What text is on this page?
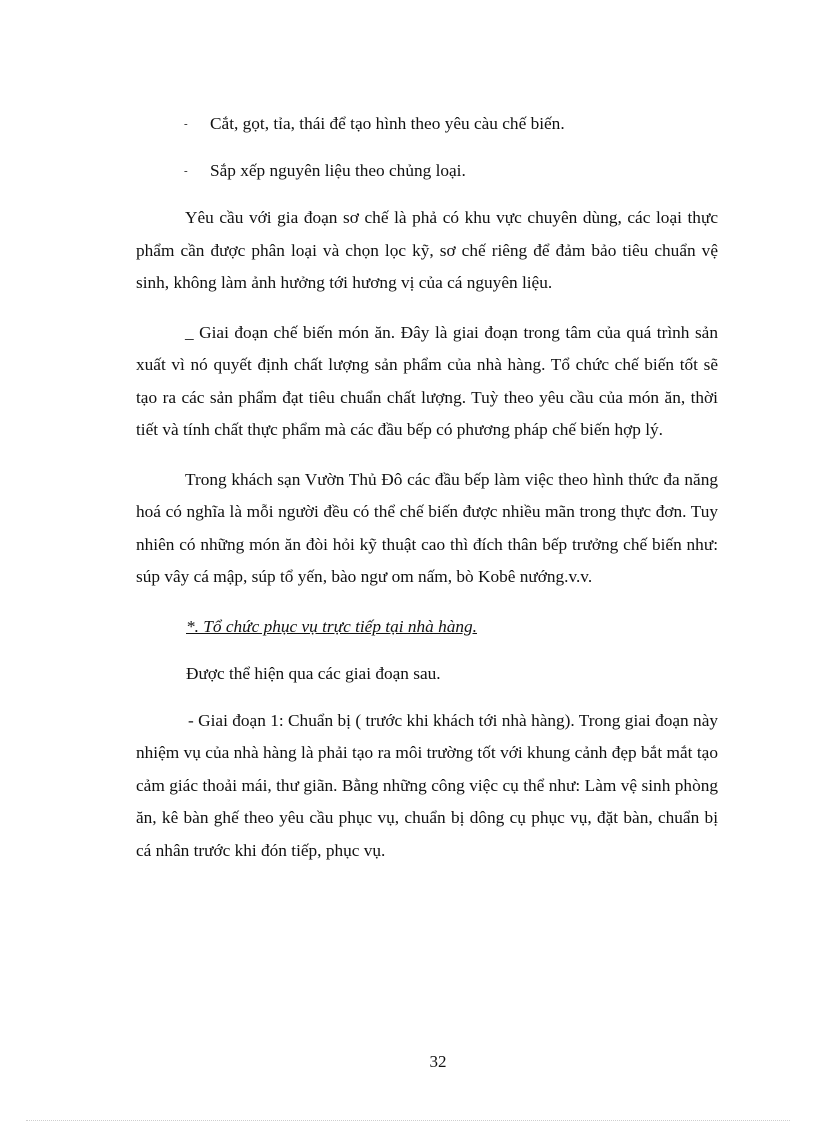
- Cắt, gọt, tỉa, thái để tạo hình theo yêu càu chế biến.
- Sắp xếp nguyên liệu theo chủng loại.

Yêu cầu với gia đoạn sơ chế là phả có khu vực chuyên dùng, các loại thực phẩm cần được phân loại và chọn lọc kỹ, sơ chế riêng để đảm bảo tiêu chuẩn vệ sinh, không làm ảnh hưởng tới hương vị của cá nguyên liệu.

_ Giai đoạn chế biến món ăn. Đây là giai đoạn trong tâm của quá trình sản xuất vì nó quyết định chất lượng sản phẩm của nhà hàng. Tổ chức chế biến tốt sẽ tạo ra các sản phẩm đạt tiêu chuẩn chất lượng. Tuỳ theo yêu cầu của món ăn, thời tiết và tính chất thực phẩm mà các đầu bếp có phương pháp chế biến hợp lý.

Trong khách sạn Vườn Thủ Đô các đầu bếp làm việc theo hình thức đa năng hoá có nghĩa là mỗi người đều có thể chế biến được nhiều mãn trong thực đơn. Tuy nhiên có những món ăn đòi hỏi kỹ thuật cao thì đích thân bếp trưởng chế biến như: súp vây cá mập, súp tổ yến, bào ngư om nấm, bò Kobê nướng.v.v.

*. Tổ chức phục vụ trực tiếp tại nhà hàng.
Được thể hiện qua các giai đoạn sau.

- Giai đoạn 1: Chuẩn bị ( trước khi khách tới nhà hàng). Trong giai đoạn này nhiệm vụ của nhà hàng là phải tạo ra môi trường tốt với khung cảnh đẹp bắt mắt tạo cảm giác thoải mái, thư giãn. Bằng những công việc cụ thể như: Làm vệ sinh phòng ăn, kê bàn ghế theo yêu cầu phục vụ, chuẩn bị dông cụ phục vụ, đặt bàn, chuẩn bị cá nhân trước khi đón tiếp, phục vụ.

32
